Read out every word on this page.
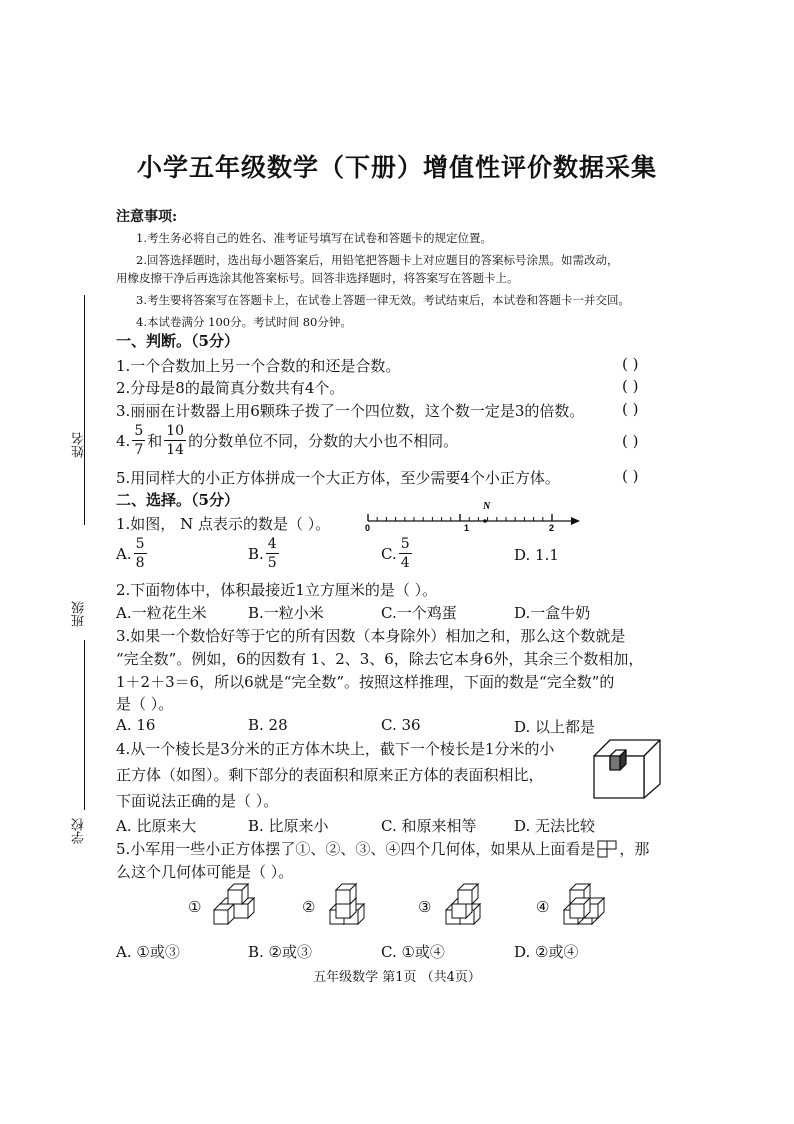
小学五年级数学（下册）增值性评价数据采集
注意事项:
1.考生务必将自己的姓名、准考证号填写在试卷和答题卡的规定位置。
2.回答选择题时，选出每小题答案后，用铅笔把答题卡上对应题目的答案标号涂黑。如需改动，
用橡皮擦干净后再选涂其他答案标号。回答非选择题时，将答案写在答题卡上。
3.考生要将答案写在答题卡上，在试卷上答题一律无效。考试结束后，本试卷和答题卡一并交回。
4.本试卷满分 100分。考试时间 80分钟。
姓名
班级
学校
一、判断。（5分）
1.一个合数加上另一个合数的和还是合数。	( )
2.分母是8的最简真分数共有4个。	( )
3.丽丽在计数器上用6颗珠子拨了一个四位数，这个数一定是3的倍数。	( )
4. $\frac{5}{7}$ 和 $\frac{10}{14}$ 的分数单位不同，分数的大小也不相同。	( )
5.用同样大的小正方体拼成一个大正方体，至少需要4个小正方体。	( )
二、选择。（5分）
1.如图， N 点表示的数是（ ）。
N
0	1	2
A. $\frac{5}{8}$	B. $\frac{4}{5}$	C. $\frac{5}{4}$	D. 1.1
2.下面物体中，体积最接近1立方厘米的是（ ）。
A.一粒花生米	B.一粒小米	C.一个鸡蛋	D.一盒牛奶
3.如果一个数恰好等于它的所有因数（本身除外）相加之和，那么这个数就是
“完全数”。例如，6的因数有 1、2、3、6，除去它本身6外，其余三个数相加，
1＋2＋3＝6，所以6就是“完全数”。按照这样推理，下面的数是“完全数”的
是（ ）。
A. 16	B. 28	C. 36	D. 以上都是
4.从一个棱长是3分米的正方体木块上，截下一个棱长是1分米的小
正方体（如图）。剩下部分的表面积和原来正方体的表面积相比，
下面说法正确的是（ ）。
A. 比原来大	B. 比原来小	C. 和原来相等	D. 无法比较
5.小军用一些小正方体摆了①、②、③、④四个几何体，如果从上面看是 ，那
么这个几何体可能是（ ）。
①	②	③	④
A. ①或③	B. ②或③	C. ①或④	D. ②或④
五年级数学 第1页 （共4页）
